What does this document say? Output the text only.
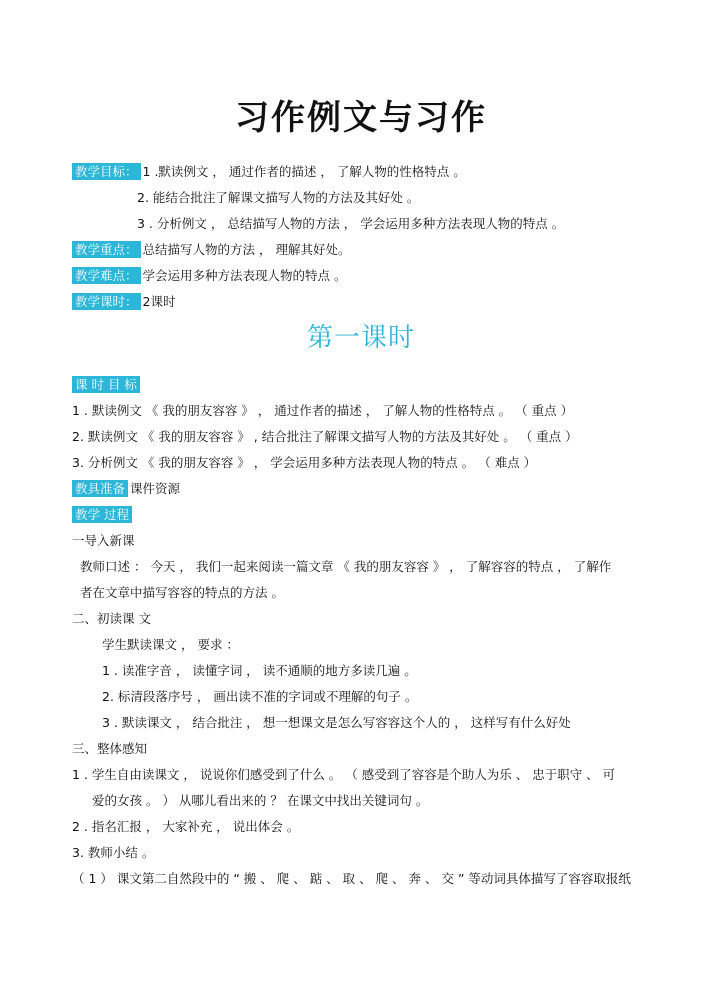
习作例文与习作
教学目标： 1 .默读例文 ， 通过作者的描述 ， 了解人物的性格特点 。
2. 能结合批注了解课文描写人物的方法及其好处 。
3 . 分析例文 ， 总结描写人物的方法 ， 学会运用多种方法表现人物的特点 。
教学重点： 总结描写人物的方法 ， 理解其好处。
教学难点： 学会运用多种方法表现人物的特点 。
教学课时： 2课时
第一课时
课 时 目 标
1 . 默读例文 《 我的朋友容容 》 ， 通过作者的描述 ， 了解人物的性格特点 。 （ 重点 ）
2. 默读例文 《 我的朋友容容 》 , 结合批注了解课文描写人物的方法及其好处 。 （ 重点 ）
3. 分析例文 《 我的朋友容容 》 ， 学会运用多种方法表现人物的特点 。 （ 难点 ）
教具准备 课件资源
教学 过程
一导入新课
教师口述 ： 今天 ， 我们一起来阅读一篇文章 《 我的朋友容容 》 ， 了解容容的特点 ， 了解作
者在文章中描写容容的特点的方法 。
二、初读课 文
学生默读课文 ， 要求 ：
1 . 读准字音 ， 读懂字词 ， 读不通顺的地方多读几遍 。
2. 标清段落序号 ， 画出读不准的字词或不理解的句子 。
3 . 默读课文 ， 结合批注 ， 想一想课文是怎么写容容这个人的 ， 这样写有什么好处
三、整体感知
1 . 学生自由读课文 ， 说说你们感受到了什么 。 （ 感受到了容容是个助人为乐 、 忠于职守 、 可
爱的女孩 。 ） 从哪儿看出来的 ？ 在课文中找出关键词句 。
2 . 指名汇报 ， 大家补充 ， 说出体会 。
3. 教师小结 。
（ 1 ） 课文第二自然段中的 “ 搬 、 爬 、 踮 、 取 、 爬 、 奔 、 交 ” 等动词具体描写了容容取报纸
